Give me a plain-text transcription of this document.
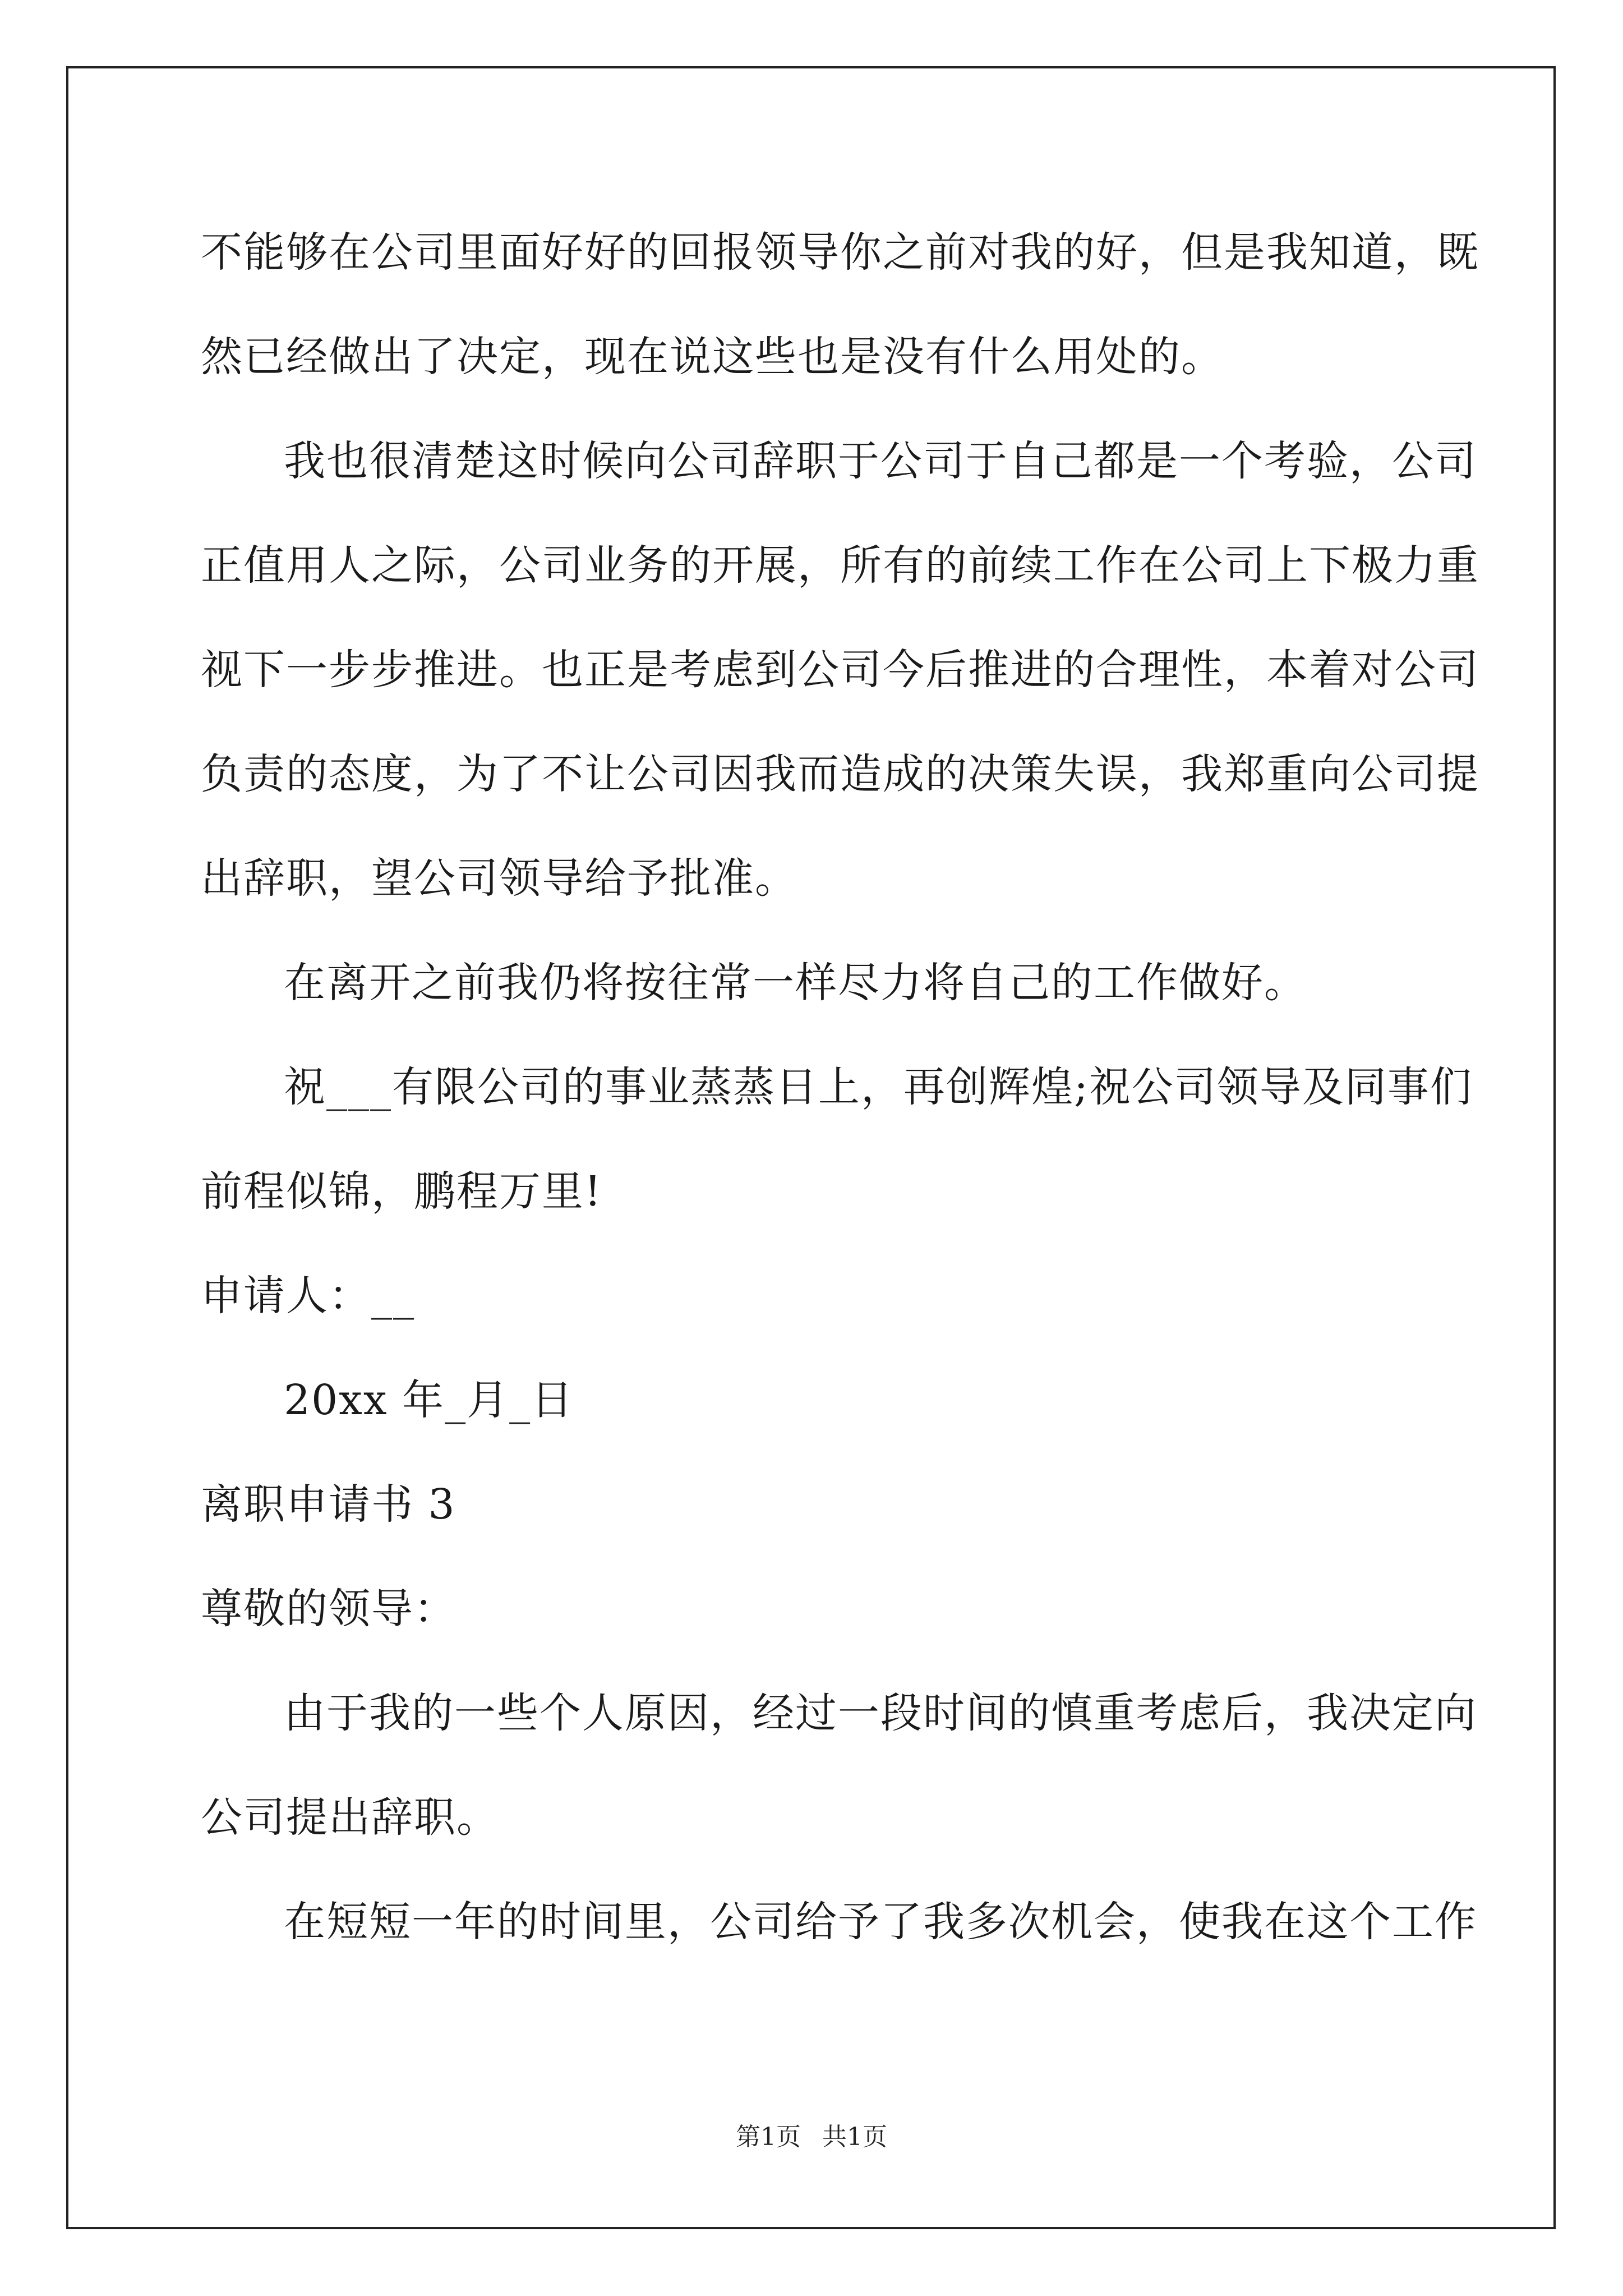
不能够在公司里面好好的回报领导你之前对我的好，但是我知道，既
然已经做出了决定，现在说这些也是没有什么用处的。
我也很清楚这时候向公司辞职于公司于自己都是一个考验，公司
正值用人之际，公司业务的开展，所有的前续工作在公司上下极力重
视下一步步推进。也正是考虑到公司今后推进的合理性，本着对公司
负责的态度，为了不让公司因我而造成的决策失误，我郑重向公司提
出辞职，望公司领导给予批准。
在离开之前我仍将按往常一样尽力将自己的工作做好。
祝___有限公司的事业蒸蒸日上，再创辉煌;祝公司领导及同事们
前程似锦，鹏程万里!
申请人：__
20xx 年_月_日
离职申请书 3
尊敬的领导：
由于我的一些个人原因，经过一段时间的慎重考虑后，我决定向
公司提出辞职。
在短短一年的时间里，公司给予了我多次机会，使我在这个工作
第1页 共1页
